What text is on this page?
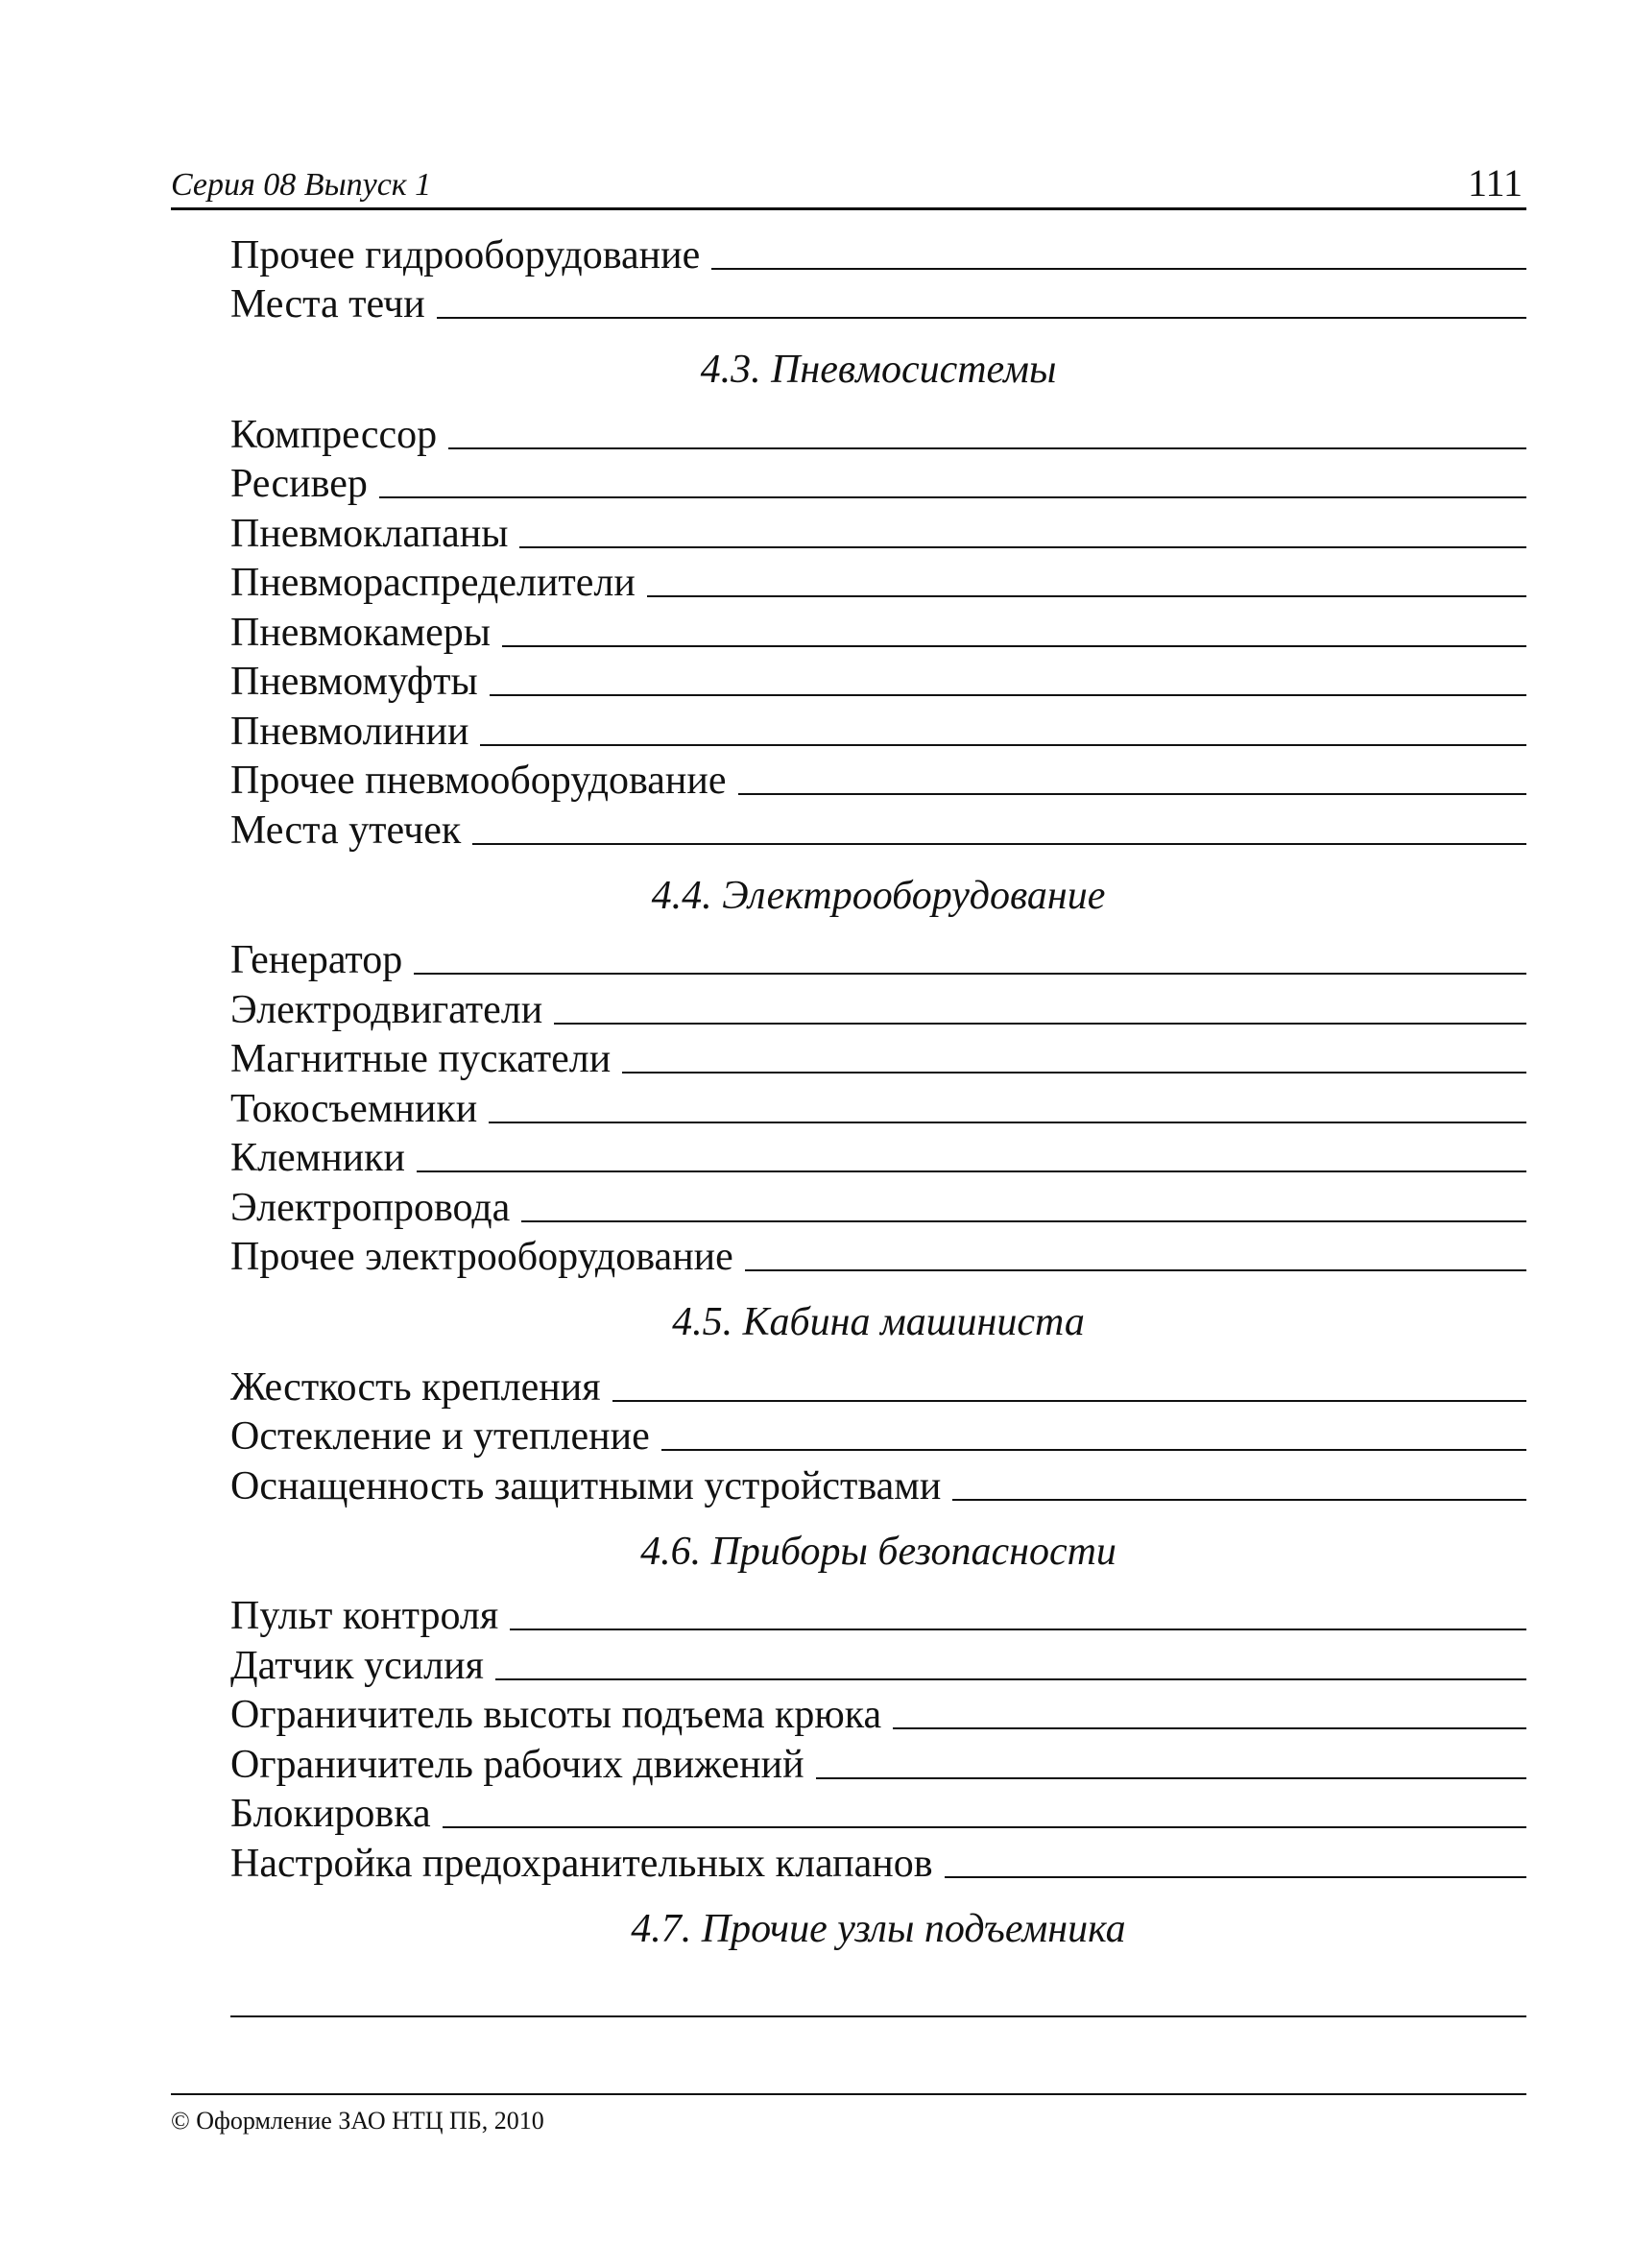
Серия 08 Выпуск 1	111
Прочее гидрооборудование
Места течи
4.3. Пневмосистемы
Компрессор
Ресивер
Пневмоклапаны
Пневмораспределители
Пневмокамеры
Пневмомуфты
Пневмолинии
Прочее пневмооборудование
Места утечек
4.4. Электрооборудование
Генератор
Электродвигатели
Магнитные пускатели
Токосъемники
Клемники
Электропровода
Прочее электрооборудование
4.5. Кабина машиниста
Жесткость крепления
Остекление и утепление
Оснащенность защитными устройствами
4.6. Приборы безопасности
Пульт контроля
Датчик усилия
Ограничитель высоты подъема крюка
Ограничитель рабочих движений
Блокировка
Настройка предохранительных клапанов
4.7. Прочие узлы подъемника
© Оформление ЗАО НТЦ ПБ, 2010
